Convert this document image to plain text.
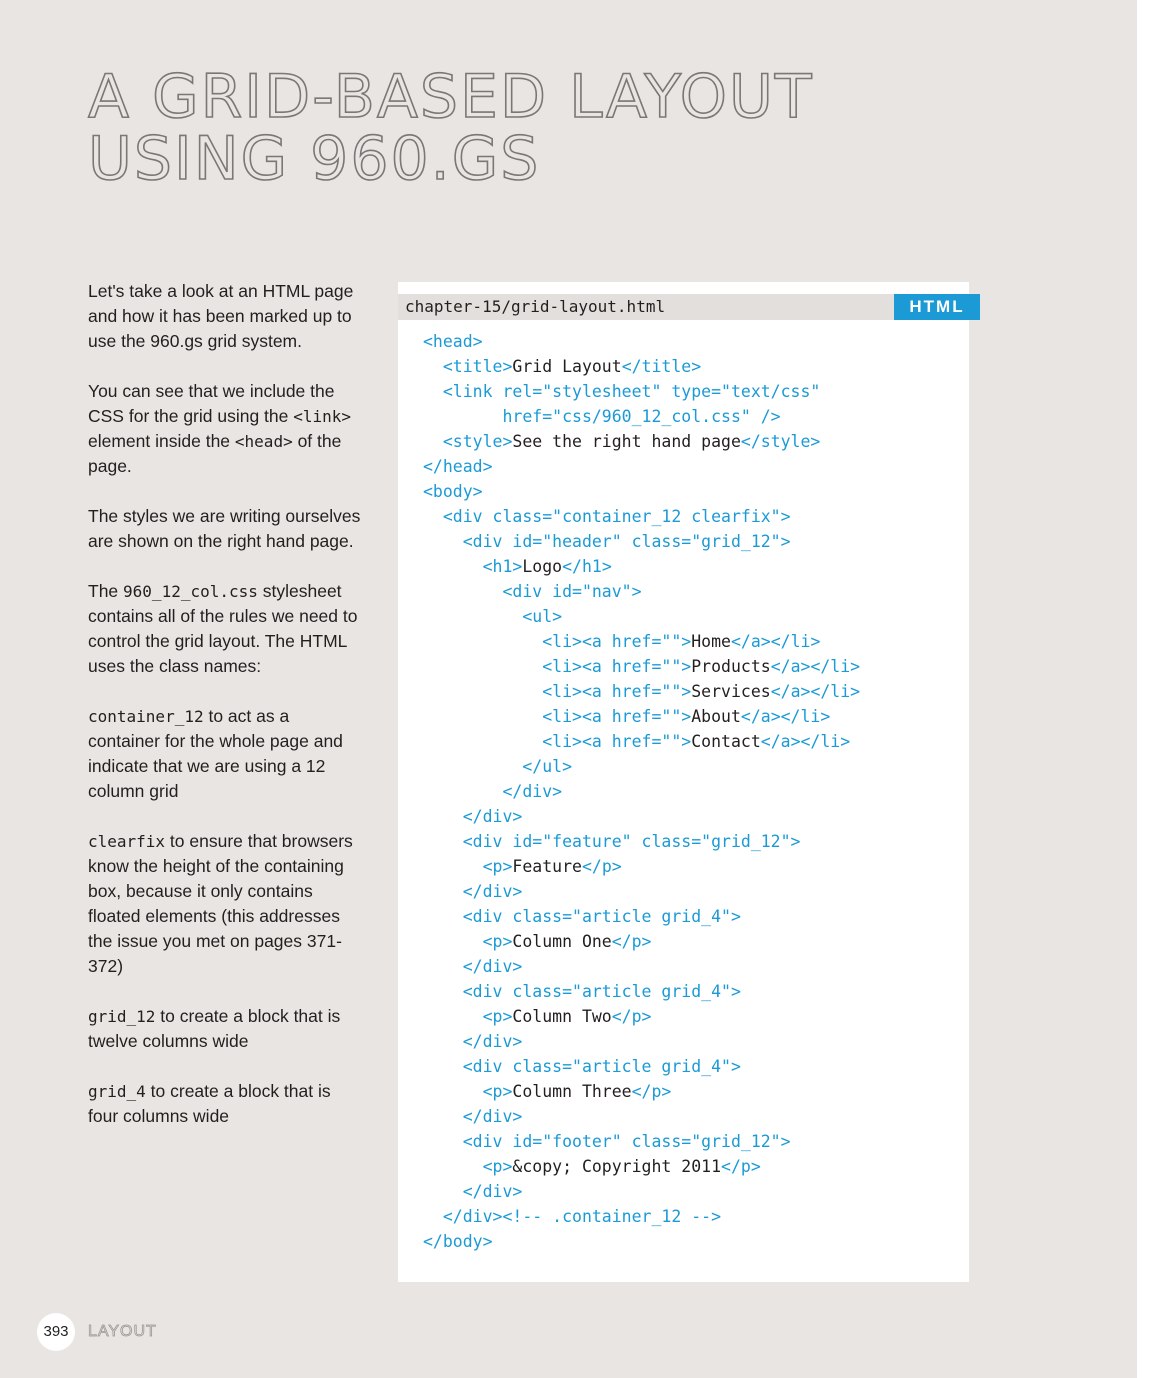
A GRID-BASED LAYOUT
USING 960.GS

Let's take a look at an HTML page and how it has been marked up to use the 960.gs grid system.

You can see that we include the CSS for the grid using the <link> element inside the <head> of the page.

The styles we are writing ourselves are shown on the right hand page.

The 960_12_col.css stylesheet contains all of the rules we need to control the grid layout. The HTML uses the class names:

container_12 to act as a container for the whole page and indicate that we are using a 12 column grid

clearfix to ensure that browsers know the height of the containing box, because it only contains floated elements (this addresses the issue you met on pages 371-372)

grid_12 to create a block that is twelve columns wide

grid_4 to create a block that is four columns wide

chapter-15/grid-layout.html	HTML
<head>
<title>Grid Layout</title>
<link rel="stylesheet" type="text/css"
href="css/960_12_col.css" />
<style>See the right hand page</style>
</head>
<body>
<div class="container_12 clearfix">
<div id="header" class="grid_12">
<h1>Logo</h1>
<div id="nav">
<ul>
<li><a href="">Home</a></li>
<li><a href="">Products</a></li>
<li><a href="">Services</a></li>
<li><a href="">About</a></li>
<li><a href="">Contact</a></li>
</ul>
</div>
</div>
<div id="feature" class="grid_12">
<p>Feature</p>
</div>
<div class="article grid_4">
<p>Column One</p>
</div>
<div class="article grid_4">
<p>Column Two</p>
</div>
<div class="article grid_4">
<p>Column Three</p>
</div>
<div id="footer" class="grid_12">
<p>&copy; Copyright 2011</p>
</div>
</div><!-- .container_12 -->
</body>
393	LAYOUT
